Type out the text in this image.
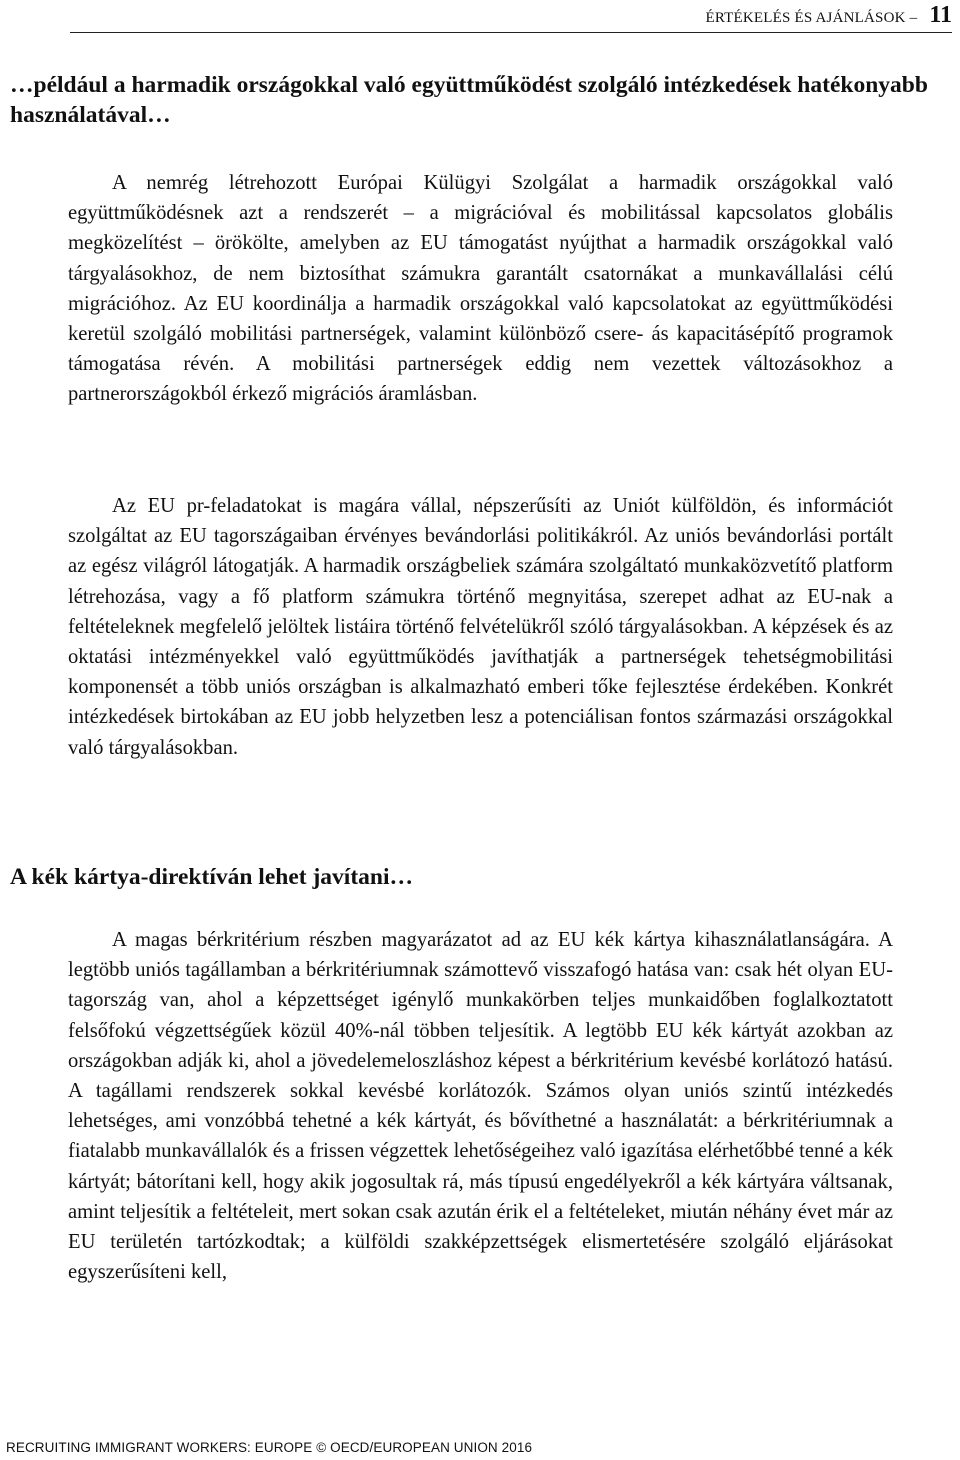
ÉRTÉKELÉS ÉS AJÁNLÁSOK – 11
…például a harmadik országokkal való együttműködést szolgáló intézkedések hatékonyabb használatával…

A nemrég létrehozott Európai Külügyi Szolgálat a harmadik országokkal való együttműködésnek azt a rendszerét – a migrációval és mobilitással kapcsolatos globális megközelítést – örökölte, amelyben az EU támogatást nyújthat a harmadik országokkal való tárgyalásokhoz, de nem biztosíthat számukra garantált csatornákat a munkavállalási célú migrációhoz. Az EU koordinálja a harmadik országokkal való kapcsolatokat az együttműködési keretül szolgáló mobilitási partnerségek, valamint különböző csere- ás kapacitásépítő programok támogatása révén. A mobilitási partnerségek eddig nem vezettek változásokhoz a partnerországokból érkező migrációs áramlásban.

Az EU pr-feladatokat is magára vállal, népszerűsíti az Uniót külföldön, és információt szolgáltat az EU tagországaiban érvényes bevándorlási politikákról. Az uniós bevándorlási portált az egész világról látogatják. A harmadik országbeliek számára szolgáltató munkaközvetítő platform létrehozása, vagy a fő platform számukra történő megnyitása, szerepet adhat az EU-nak a feltételeknek megfelelő jelöltek listáira történő felvételükről szóló tárgyalásokban. A képzések és az oktatási intézményekkel való együttműködés javíthatják a partnerségek tehetségmobilitási komponensét a több uniós országban is alkalmazható emberi tőke fejlesztése érdekében. Konkrét intézkedések birtokában az EU jobb helyzetben lesz a potenciálisan fontos származási országokkal való tárgyalásokban.

A kék kártya-direktíván lehet javítani…

A magas bérkritérium részben magyarázatot ad az EU kék kártya kihasználatlanságára. A legtöbb uniós tagállamban a bérkritériumnak számottevő visszafogó hatása van: csak hét olyan EU-tagország van, ahol a képzettséget igénylő munkakörben teljes munkaidőben foglalkoztatott felsőfokú végzettségűek közül 40%-nál többen teljesítik. A legtöbb EU kék kártyát azokban az országokban adják ki, ahol a jövedelemeloszláshoz képest a bérkritérium kevésbé korlátozó hatású. A tagállami rendszerek sokkal kevésbé korlátozók. Számos olyan uniós szintű intézkedés lehetséges, ami vonzóbbá tehetné a kék kártyát, és bővíthetné a használatát: a bérkritériumnak a fiatalabb munkavállalók és a frissen végzettek lehetőségeihez való igazítása elérhetőbbé tenné a kék kártyát; bátorítani kell, hogy akik jogosultak rá, más típusú engedélyekről a kék kártyára váltsanak, amint teljesítik a feltételeit, mert sokan csak azután érik el a feltételeket, miután néhány évet már az EU területén tartózkodtak; a külföldi szakképzettségek elismertetésére szolgáló eljárásokat egyszerűsíteni kell,

RECRUITING IMMIGRANT WORKERS: EUROPE © OECD/EUROPEAN UNION 2016
